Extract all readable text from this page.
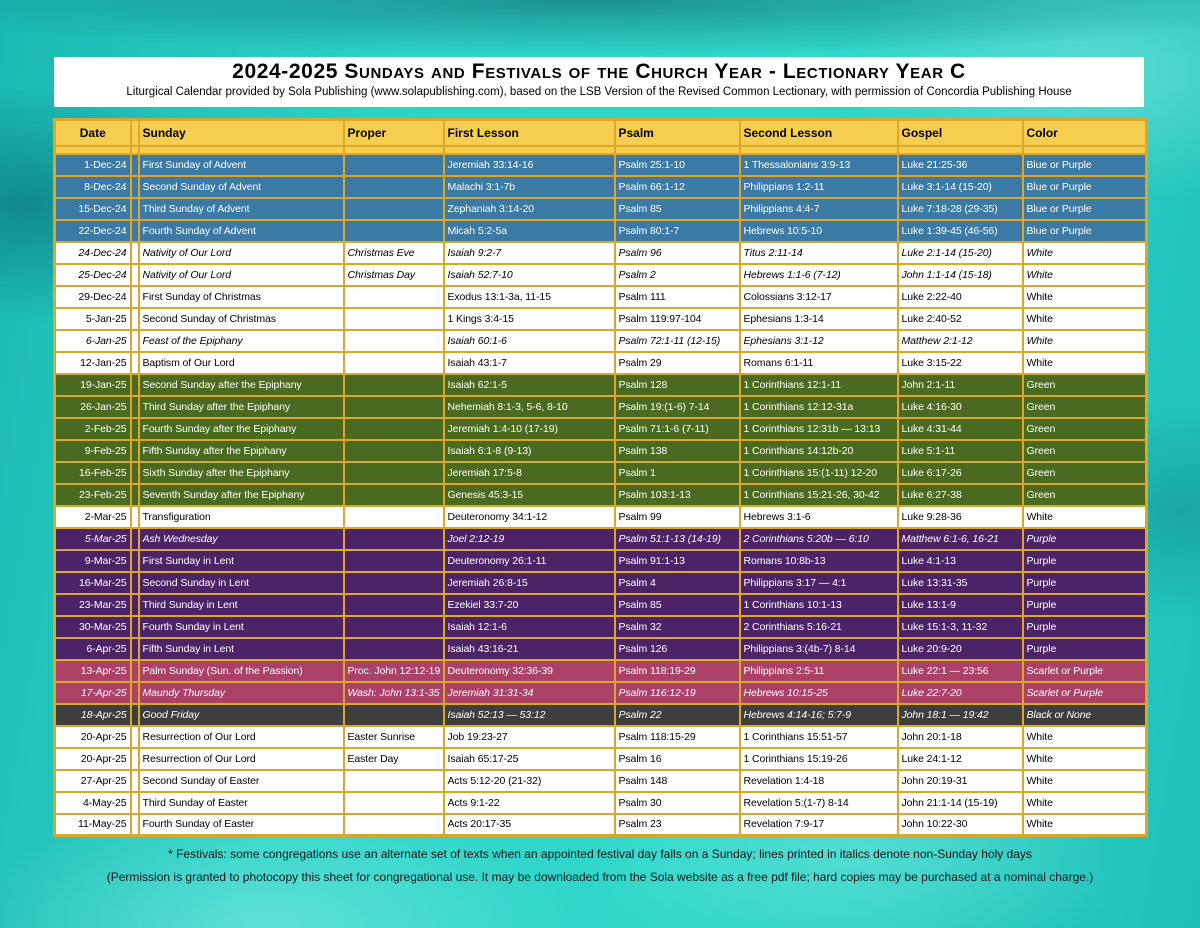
2024-2025 Sundays and Festivals of the Church Year - Lectionary Year C

Liturgical Calendar provided by Sola Publishing (www.solapublishing.com), based on the LSB Version of the Revised Common Lectionary, with permission of Concordia Publishing House

Date		Sunday	Proper	First Lesson	Psalm	Second Lesson	Gospel	Color

1-Dec-24		First Sunday of Advent		Jeremiah 33:14-16	Psalm 25:1-10	1 Thessalonians 3:9-13	Luke 21:25-36	Blue or Purple
8-Dec-24		Second Sunday of Advent		Malachi 3:1-7b	Psalm 66:1-12	Philippians 1:2-11	Luke 3:1-14 (15-20)	Blue or Purple
15-Dec-24		Third Sunday of Advent		Zephaniah 3:14-20	Psalm 85	Philippians 4:4-7	Luke 7:18-28 (29-35)	Blue or Purple
22-Dec-24		Fourth Sunday of Advent		Micah 5:2-5a	Psalm 80:1-7	Hebrews 10:5-10	Luke 1:39-45 (46-56)	Blue or Purple
24-Dec-24		Nativity of Our Lord	Christmas Eve	Isaiah 9:2-7	Psalm 96	Titus 2:11-14	Luke 2:1-14 (15-20)	White
25-Dec-24		Nativity of Our Lord	Christmas Day	Isaiah 52:7-10	Psalm 2	Hebrews 1:1-6 (7-12)	John 1:1-14 (15-18)	White
29-Dec-24		First Sunday of Christmas		Exodus 13:1-3a, 11-15	Psalm 111	Colossians 3:12-17	Luke 2:22-40	White
5-Jan-25		Second Sunday of Christmas		1 Kings 3:4-15	Psalm 119:97-104	Ephesians 1:3-14	Luke 2:40-52	White
6-Jan-25		Feast of the Epiphany		Isaiah 60:1-6	Psalm 72:1-11 (12-15)	Ephesians 3:1-12	Matthew 2:1-12	White
12-Jan-25		Baptism of Our Lord		Isaiah 43:1-7	Psalm 29	Romans 6:1-11	Luke 3:15-22	White
19-Jan-25		Second Sunday after the Epiphany		Isaiah 62:1-5	Psalm 128	1 Corinthians 12:1-11	John 2:1-11	Green
26-Jan-25		Third Sunday after the Epiphany		Nehemiah 8:1-3, 5-6, 8-10	Psalm 19:(1-6) 7-14	1 Corinthians 12:12-31a	Luke 4:16-30	Green
2-Feb-25		Fourth Sunday after the Epiphany		Jeremiah 1:4-10 (17-19)	Psalm 71:1-6 (7-11)	1 Corinthians 12:31b — 13:13	Luke 4:31-44	Green
9-Feb-25		Fifth Sunday after the Epiphany		Isaiah 6:1-8 (9-13)	Psalm 138	1 Corinthians 14:12b-20	Luke 5:1-11	Green
16-Feb-25		Sixth Sunday after the Epiphany		Jeremiah 17:5-8	Psalm 1	1 Corinthians 15:(1-11) 12-20	Luke 6:17-26	Green
23-Feb-25		Seventh Sunday after the Epiphany		Genesis 45:3-15	Psalm 103:1-13	1 Corinthians 15:21-26, 30-42	Luke 6:27-38	Green
2-Mar-25		Transfiguration		Deuteronomy 34:1-12	Psalm 99	Hebrews 3:1-6	Luke 9:28-36	White
5-Mar-25		Ash Wednesday		Joel 2:12-19	Psalm 51:1-13 (14-19)	2 Corinthians 5:20b — 6:10	Matthew 6:1-6, 16-21	Purple
9-Mar-25		First Sunday in Lent		Deuteronomy 26:1-11	Psalm 91:1-13	Romans 10:8b-13	Luke 4:1-13	Purple
16-Mar-25		Second Sunday in Lent		Jeremiah 26:8-15	Psalm 4	Philippians 3:17 — 4:1	Luke 13:31-35	Purple
23-Mar-25		Third Sunday in Lent		Ezekiel 33:7-20	Psalm 85	1 Corinthians 10:1-13	Luke 13:1-9	Purple
30-Mar-25		Fourth Sunday in Lent		Isaiah 12:1-6	Psalm 32	2 Corinthians 5:16-21	Luke 15:1-3, 11-32	Purple
6-Apr-25		Fifth Sunday in Lent		Isaiah 43:16-21	Psalm 126	Philippians 3:(4b-7) 8-14	Luke 20:9-20	Purple
13-Apr-25		Palm Sunday (Sun. of the Passion)	Proc. John 12:12-19	Deuteronomy 32:36-39	Psalm 118:19-29	Philippians 2:5-11	Luke 22:1 — 23:56	Scarlet or Purple
17-Apr-25		Maundy Thursday	Wash: John 13:1-35	Jeremiah 31:31-34	Psalm 116:12-19	Hebrews 10:15-25	Luke 22:7-20	Scarlet or Purple
18-Apr-25		Good Friday		Isaiah 52:13 — 53:12	Psalm 22	Hebrews 4:14-16; 5:7-9	John 18:1 — 19:42	Black or None
20-Apr-25		Resurrection of Our Lord	Easter Sunrise	Job 19:23-27	Psalm 118:15-29	1 Corinthians 15:51-57	John 20:1-18	White
20-Apr-25		Resurrection of Our Lord	Easter Day	Isaiah 65:17-25	Psalm 16	1 Corinthians 15:19-26	Luke 24:1-12	White
27-Apr-25		Second Sunday of Easter		Acts 5:12-20 (21-32)	Psalm 148	Revelation 1:4-18	John 20:19-31	White
4-May-25		Third Sunday of Easter		Acts 9:1-22	Psalm 30	Revelation 5:(1-7) 8-14	John 21:1-14 (15-19)	White
11-May-25		Fourth Sunday of Easter		Acts 20:17-35	Psalm 23	Revelation 7:9-17	John 10:22-30	White

* Festivals: some congregations use an alternate set of texts when an appointed festival day falls on a Sunday; lines printed in italics denote non-Sunday holy days

(Permission is granted to photocopy this sheet for congregational use. It may be downloaded from the Sola website as a free pdf file; hard copies may be purchased at a nominal charge.)
